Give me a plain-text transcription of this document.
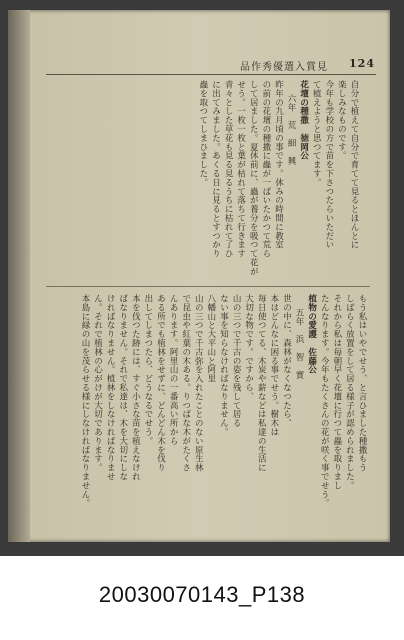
品作秀優選入賞見 124
自分で植えて自分で育てて見るとほんとに
楽しみなものです。
今年も学校の方で苗を下さつたらいただい
て植えようと思つてます。
花壇の種撒　徳岡公
六年　荒　細　興
昨年の九月頃の事です。休みの時間に教室
の前の花壇の種撒に蟲が一ぱいたかつて荒ら
して居ました。夏休前に、蟲が養分を吸つて花が
せう。一枚一枚と葉が枯れて落ちて行きます
青々とした草花も見る見るうちに枯れて了ひ
に出てみました。あくる日に見るとすつかり
蟲を取つてしまひました。
もう私はいやでせう、と言ひました種撒もう
しばらく放置をして居る様子が認められました。
それから私は毎朝早く花壇に行つて蟲を取りまし
たんなります。今年もたくさんの花が咲く事でせう。
植物の愛護　佐藤公
五年　浜　智　實
世の中に、森林がなくなつたら、
本はどんなに困る事でせう。樹木は
毎日使つてる、木炭や薪などは私達の生活に
大切な物です。ですから、
山の三つで千古の姿を残して居る
ない事を知らなければなりません。
八幡山と大平山と阿里
山の三つで千古弥を入れたことのない原生林
で昆虫や紅葉の木ある。りつぱな木がたくさ
んあります。阿里山の一番高い所から
ある所でも植林をせずに、どんどん木を伐り
出してしまつたら、どうなるでせう。
本を伐つた跡には、すぐ小さな苗を植えなけれ
ばなりません。それで私達は、木を大切にしな
ければなりません。植林をしなければなりませ
ん。それで植林の心がけが大切であります。
本島に緑の山を茂らせる様にしなければなりません。
20030070143_P138
